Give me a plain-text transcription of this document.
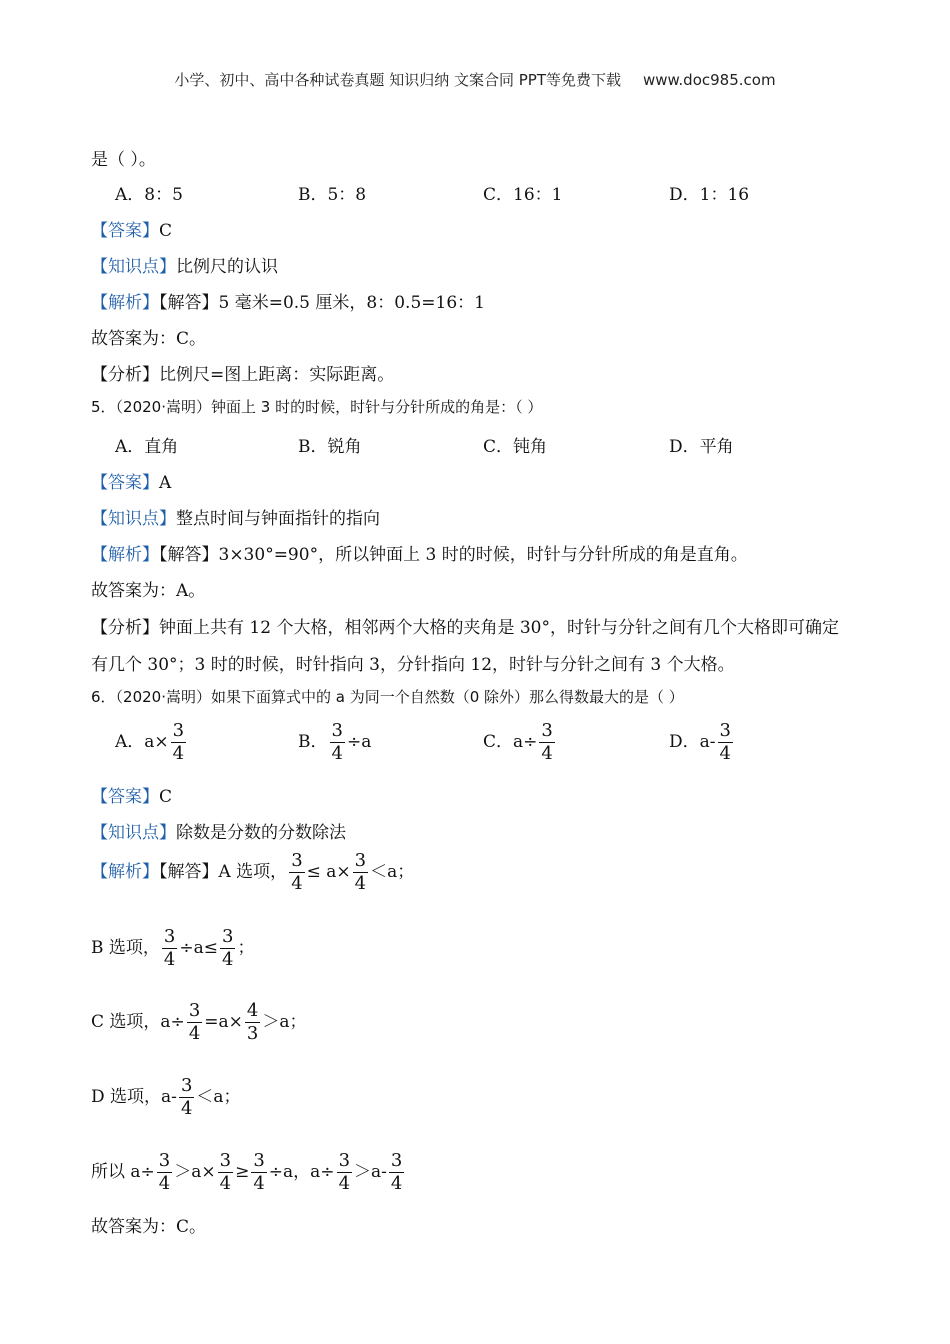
小学、初中、高中各种试卷真题 知识归纳 文案合同 PPT等免费下载 www.doc985.com
是（ ）。
A．8：5	B．5：8	C．16：1	D．1：16
【答案】C
【知识点】比例尺的认识
【解析】【解答】5 毫米=0.5 厘米，8：0.5=16：1
故答案为：C。
【分析】比例尺=图上距离：实际距离。
5．（2020·嵩明）钟面上 3 时的时候，时针与分针所成的角是：（ ）
A．直角	B．锐角	C．钝角	D．平角
【答案】A
【知识点】整点时间与钟面指针的指向
【解析】【解答】3×30°=90°，所以钟面上 3 时的时候，时针与分针所成的角是直角。
故答案为：A。
【分析】钟面上共有 12 个大格，相邻两个大格的夹角是 30°，时针与分针之间有几个大格即可确定
有几个 30°；3 时的时候，时针指向 3，分针指向 12，时针与分针之间有 3 个大格。
6．（2020·嵩明）如果下面算式中的 a 为同一个自然数（0 除外）那么得数最大的是（ ）
A．$a\times \frac{3}{4}$	B． $\frac{3}{4} \div a$	C．$a\div \frac{3}{4}$	D．$a- \frac{3}{4}$
【答案】C
【知识点】除数是分数的分数除法
【解析】【解答】A 选项， $\frac{3}{4} \le a\times \frac{3}{4} <a$；
B 选项， $\frac{3}{4} \div a\le \frac{3}{4}$ ；
C 选项，$a\div \frac{3}{4} =a\times \frac{4}{3} >a$；
D 选项，$a- \frac{3}{4} <a$；
所以 $a\div \frac{3}{4} >a\times \frac{3}{4} \ge \frac{3}{4} \div a$，$a\div \frac{3}{4} >a- \frac{3}{4}$
故答案为：C。
